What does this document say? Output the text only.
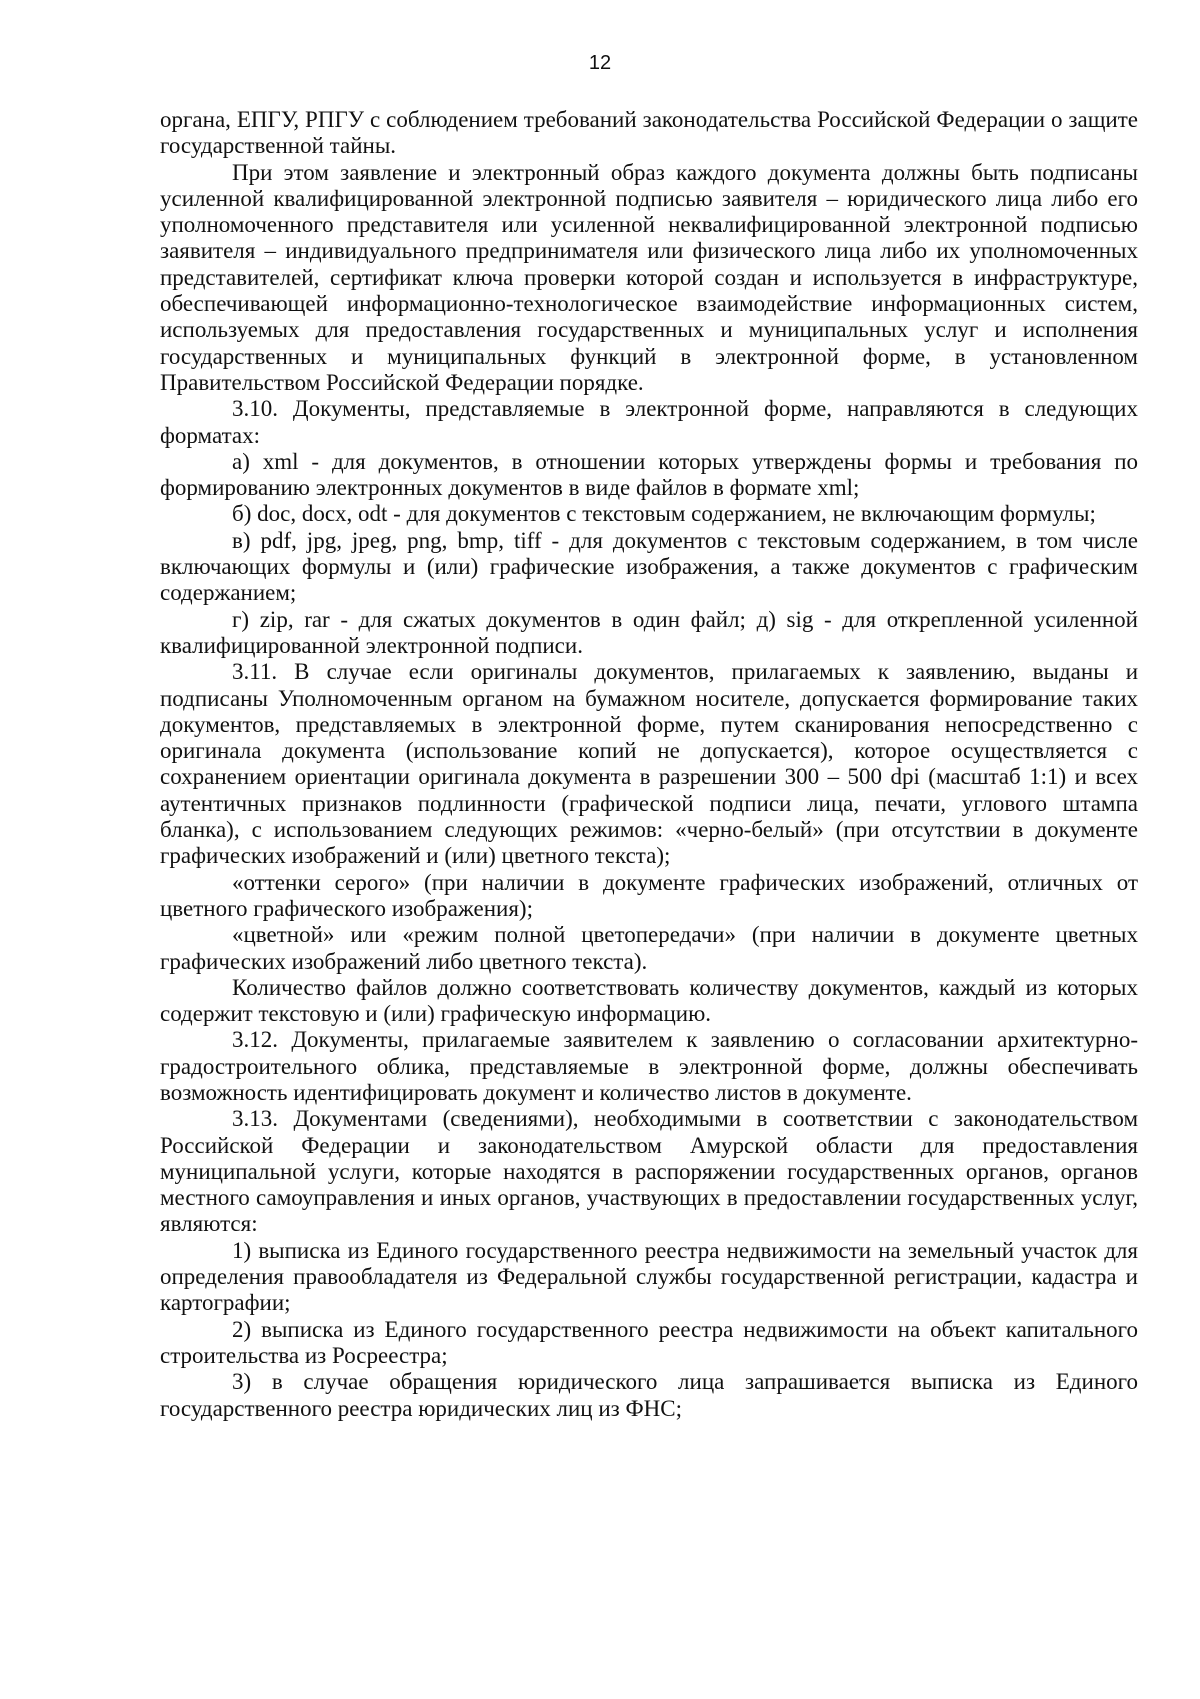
12

органа, ЕПГУ, РПГУ с соблюдением требований законодательства Российской Федерации о защите государственной тайны.

При этом заявление и электронный образ каждого документа должны быть подписаны усиленной квалифицированной электронной подписью заявителя – юридического лица либо его уполномоченного представителя или усиленной неквалифицированной электронной подписью заявителя – индивидуального предпринимателя или физического лица либо их уполномоченных представителей, сертификат ключа проверки которой создан и используется в инфраструктуре, обеспечивающей информационно-технологическое взаимодействие информационных систем, используемых для предоставления государственных и муниципальных услуг и исполнения государственных и муниципальных функций в электронной форме, в установленном Правительством Российской Федерации порядке.

3.10. Документы, представляемые в электронной форме, направляются в следующих форматах:

а) xml - для документов, в отношении которых утверждены формы и требования по формированию электронных документов в виде файлов в формате xml;

б) doc, docx, odt - для документов с текстовым содержанием, не включающим формулы;

в) pdf, jpg, jpeg, png, bmp, tiff - для документов с текстовым содержанием, в том числе включающих формулы и (или) графические изображения, а также документов с графическим содержанием;

г) zip, rar - для сжатых документов в один файл; д) sig - для открепленной усиленной квалифицированной электронной подписи.

3.11. В случае если оригиналы документов, прилагаемых к заявлению, выданы и подписаны Уполномоченным органом на бумажном носителе, допускается формирование таких документов, представляемых в электронной форме, путем сканирования непосредственно с оригинала документа (использование копий не допускается), которое осуществляется с сохранением ориентации оригинала документа в разрешении 300 – 500 dpi (масштаб 1:1) и всех аутентичных признаков подлинности (графической подписи лица, печати, углового штампа бланка), с использованием следующих режимов: «черно-белый» (при отсутствии в документе графических изображений и (или) цветного текста);

«оттенки серого» (при наличии в документе графических изображений, отличных от цветного графического изображения);

«цветной» или «режим полной цветопередачи» (при наличии в документе цветных графических изображений либо цветного текста).

Количество файлов должно соответствовать количеству документов, каждый из которых содержит текстовую и (или) графическую информацию.

3.12. Документы, прилагаемые заявителем к заявлению о согласовании архитектурно-градостроительного облика, представляемые в электронной форме, должны обеспечивать возможность идентифицировать документ и количество листов в документе.

3.13. Документами (сведениями), необходимыми в соответствии с законодательством Российской Федерации и законодательством Амурской области для предоставления муниципальной услуги, которые находятся в распоряжении государственных органов, органов местного самоуправления и иных органов, участвующих в предоставлении государственных услуг, являются:

1) выписка из Единого государственного реестра недвижимости на земельный участок для определения правообладателя из Федеральной службы государственной регистрации, кадастра и картографии;

2) выписка из Единого государственного реестра недвижимости на объект капитального строительства из Росреестра;

3) в случае обращения юридического лица запрашивается выписка из Единого государственного реестра юридических лиц из ФНС;
